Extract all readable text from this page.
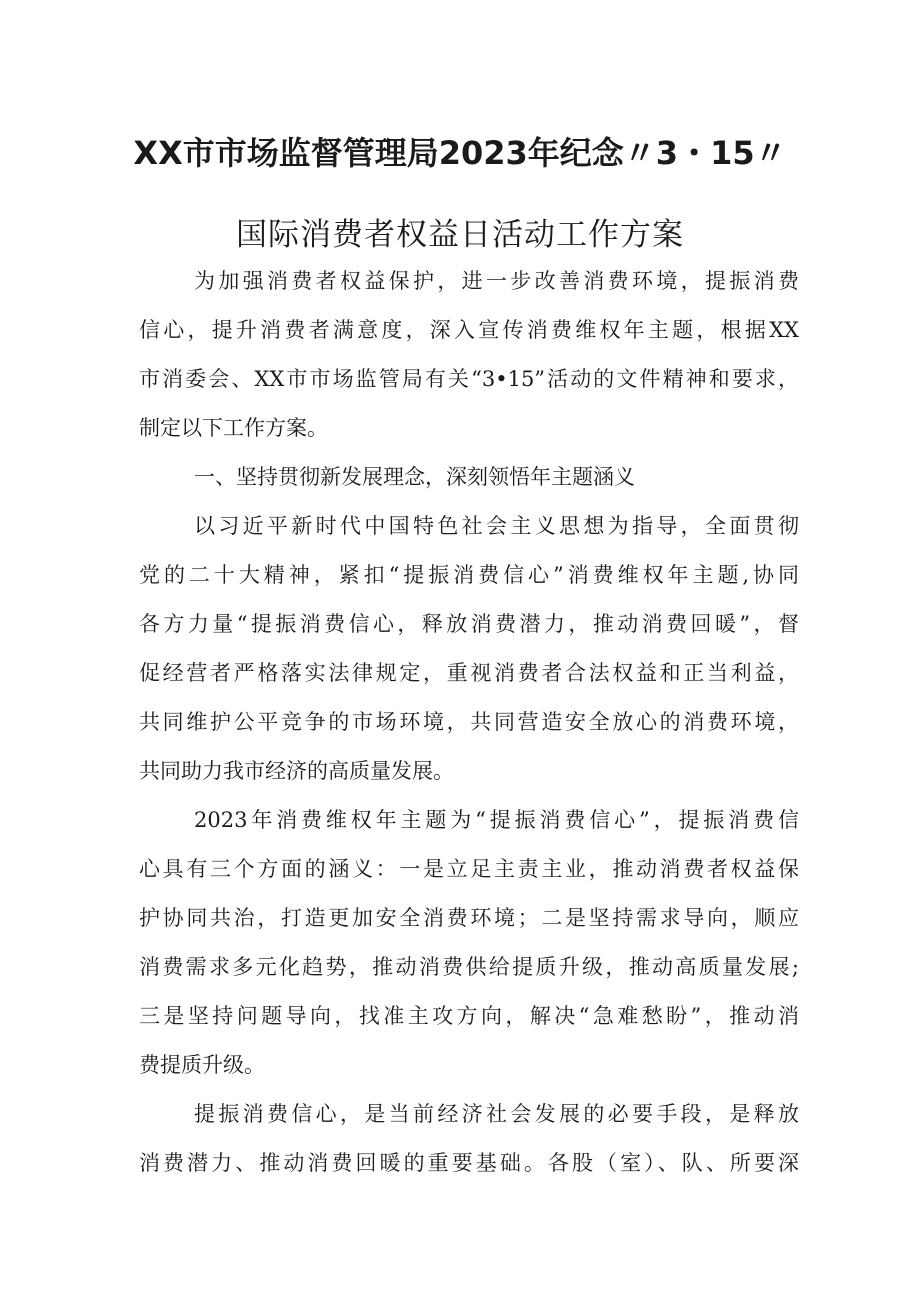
XX市市场监督管理局2023年纪念〃3・15〃
国际消费者权益日活动工作方案
为加强消费者权益保护，进一步改善消费环境，提振消费
信心，提升消费者满意度，深入宣传消费维权年主题，根据XX
市消委会、XX市市场监管局有关“3•15”活动的文件精神和要求，
制定以下工作方案。
一、坚持贯彻新发展理念，深刻领悟年主题涵义
以习近平新时代中国特色社会主义思想为指导，全面贯彻
党的二十大精神，紧扣“提振消费信心”消费维权年主题,协同
各方力量“提振消费信心，释放消费潜力，推动消费回暖”，督
促经营者严格落实法律规定，重视消费者合法权益和正当利益，
共同维护公平竞争的市场环境，共同营造安全放心的消费环境，
共同助力我市经济的高质量发展。
2023年消费维权年主题为“提振消费信心”，提振消费信
心具有三个方面的涵义：一是立足主责主业，推动消费者权益保
护协同共治，打造更加安全消费环境；二是坚持需求导向，顺应
消费需求多元化趋势，推动消费供给提质升级，推动高质量发展;
三是坚持问题导向，找准主攻方向，解决“急难愁盼”，推动消
费提质升级。
提振消费信心，是当前经济社会发展的必要手段，是释放
消费潜力、推动消费回暖的重要基础。各股（室）、队、所要深
